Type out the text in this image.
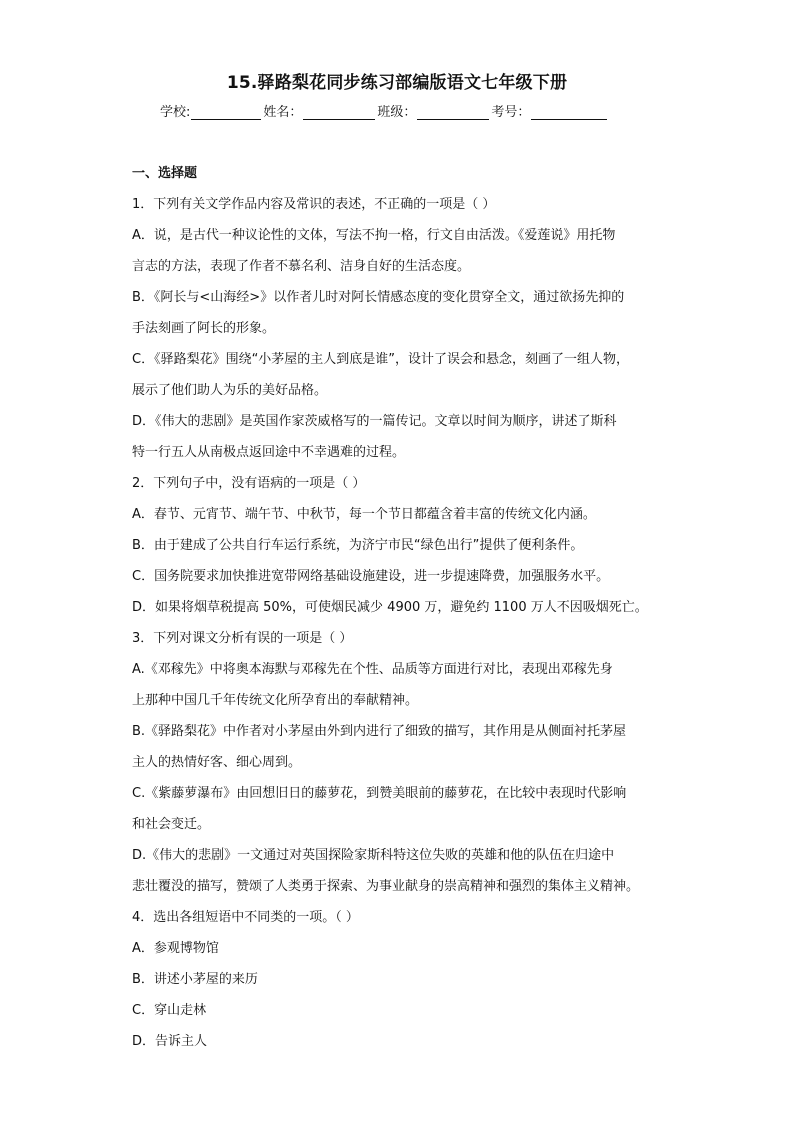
15.驿路梨花同步练习部编版语文七年级下册
学校:	姓名：	班级：	考号：
一、选择题
1．下列有关文学作品内容及常识的表述，不正确的一项是（ ）
A．说，是古代一种议论性的文体，写法不拘一格，行文自由活泼。《爱莲说》用托物
言志的方法，表现了作者不慕名利、洁身自好的生活态度。
B．《阿长与<山海经>》以作者儿时对阿长情感态度的变化贯穿全文，通过欲扬先抑的
手法刻画了阿长的形象。
C．《驿路梨花》围绕“小茅屋的主人到底是谁”，设计了误会和悬念，刻画了一组人物，
展示了他们助人为乐的美好品格。
D．《伟大的悲剧》是英国作家茨威格写的一篇传记。文章以时间为顺序，讲述了斯科
特一行五人从南极点返回途中不幸遇难的过程。
2．下列句子中，没有语病的一项是（ ）
A．春节、元宵节、端午节、中秋节，每一个节日都蕴含着丰富的传统文化内涵。
B．由于建成了公共自行车运行系统，为济宁市民“绿色出行”提供了便利条件。
C．国务院要求加快推进宽带网络基础设施建设，进一步提速降费，加强服务水平。
D．如果将烟草税提高 50%，可使烟民减少 4900 万，避免约 1100 万人不因吸烟死亡。
3．下列对课文分析有误的一项是（ ）
A.《邓稼先》中将奥本海默与邓稼先在个性、品质等方面进行对比，表现出邓稼先身
上那种中国几千年传统文化所孕育出的奉献精神。
B.《驿路梨花》中作者对小茅屋由外到内进行了细致的描写，其作用是从侧面衬托茅屋
主人的热情好客、细心周到。
C.《紫藤萝瀑布》由回想旧日的藤萝花，到赞美眼前的藤萝花，在比较中表现时代影响
和社会变迁。
D.《伟大的悲剧》一文通过对英国探险家斯科特这位失败的英雄和他的队伍在归途中
悲壮覆没的描写，赞颂了人类勇于探索、为事业献身的崇高精神和强烈的集体主义精神。
4．选出各组短语中不同类的一项。（ ）
A．参观博物馆
B．讲述小茅屋的来历
C．穿山走林
D．告诉主人
